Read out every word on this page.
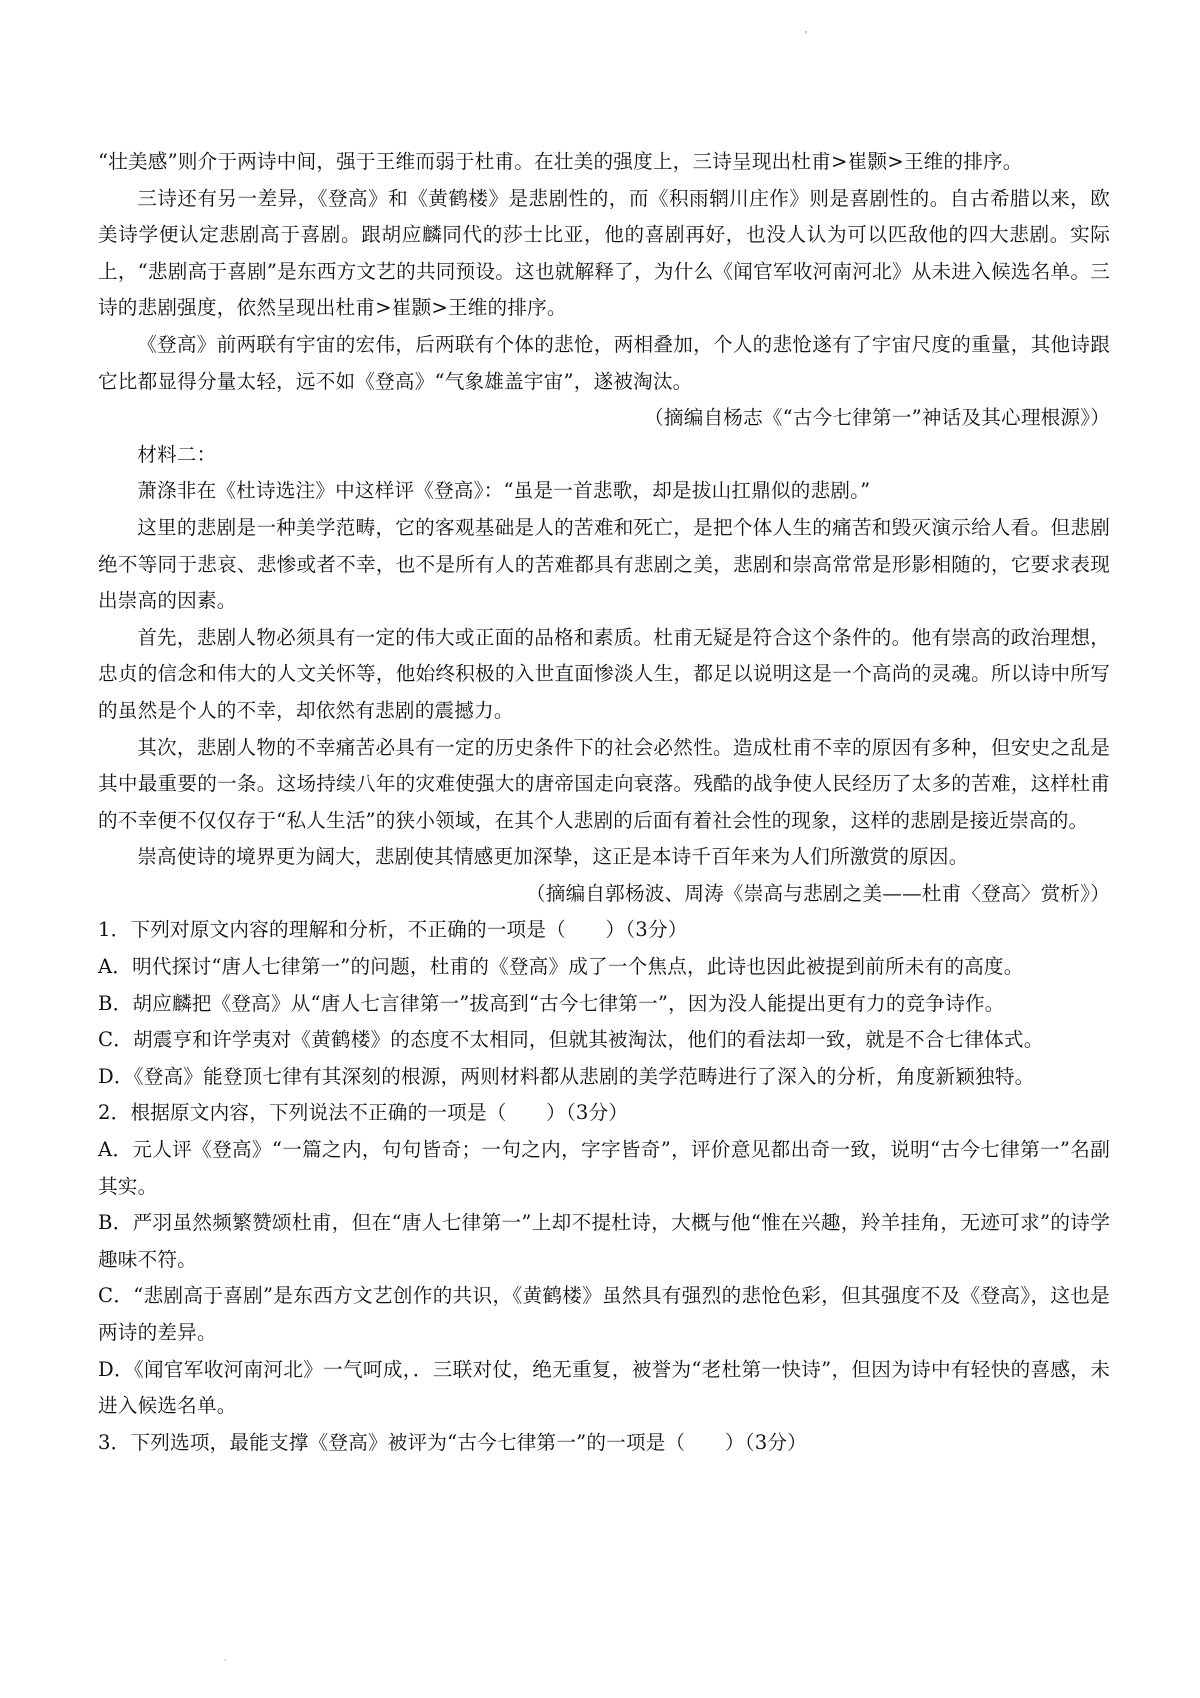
"

“壮美感”则介于两诗中间，强于王维而弱于杜甫。在壮美的强度上，三诗呈现出杜甫>崔颢>王维的排序。

三诗还有另一差异，《登高》和《黄鹤楼》是悲剧性的，而《积雨辋川庄作》则是喜剧性的。自古希腊以来，欧美诗学便认定悲剧高于喜剧。跟胡应麟同代的莎士比亚，他的喜剧再好，也没人认为可以匹敌他的四大悲剧。实际上，“悲剧高于喜剧”是东西方文艺的共同预设。这也就解释了，为什么《闻官军收河南河北》从未进入候选名单。三诗的悲剧强度，依然呈现出杜甫>崔颢>王维的排序。

《登高》前两联有宇宙的宏伟，后两联有个体的悲怆，两相叠加，个人的悲怆遂有了宇宙尺度的重量，其他诗跟它比都显得分量太轻，远不如《登高》“气象雄盖宇宙”，遂被淘汰。

（摘编自杨志《“古今七律第一”神话及其心理根源》）

材料二：

萧涤非在《杜诗选注》中这样评《登高》：“虽是一首悲歌，却是拔山扛鼎似的悲剧。”

这里的悲剧是一种美学范畴，它的客观基础是人的苦难和死亡，是把个体人生的痛苦和毁灭演示给人看。但悲剧绝不等同于悲哀、悲惨或者不幸，也不是所有人的苦难都具有悲剧之美，悲剧和崇高常常是形影相随的，它要求表现出崇高的因素。

首先，悲剧人物必须具有一定的伟大或正面的品格和素质。杜甫无疑是符合这个条件的。他有崇高的政治理想，忠贞的信念和伟大的人文关怀等，他始终积极的入世直面惨淡人生，都足以说明这是一个高尚的灵魂。所以诗中所写的虽然是个人的不幸，却依然有悲剧的震撼力。

其次，悲剧人物的不幸痛苦必具有一定的历史条件下的社会必然性。造成杜甫不幸的原因有多种，但安史之乱是其中最重要的一条。这场持续八年的灾难使强大的唐帝国走向衰落。残酷的战争使人民经历了太多的苦难，这样杜甫的不幸便不仅仅存于“私人生活”的狭小领域，在其个人悲剧的后面有着社会性的现象，这样的悲剧是接近崇高的。

崇高使诗的境界更为阔大，悲剧使其情感更加深挚，这正是本诗千百年来为人们所激赏的原因。

（摘编自郭杨波、周涛《崇高与悲剧之美——杜甫〈登高〉赏析》）

1．下列对原文内容的理解和分析，不正确的一项是（　　）（3分）

A．明代探讨“唐人七律第一”的问题，杜甫的《登高》成了一个焦点，此诗也因此被提到前所未有的高度。

B．胡应麟把《登高》从“唐人七言律第一”拔高到“古今七律第一”，因为没人能提出更有力的竞争诗作。

C．胡震亨和许学夷对《黄鹤楼》的态度不太相同，但就其被淘汰，他们的看法却一致，就是不合七律体式。

D．《登高》能登顶七律有其深刻的根源，两则材料都从悲剧的美学范畴进行了深入的分析，角度新颖独特。

2．根据原文内容，下列说法不正确的一项是（　　）（3分）

A．元人评《登高》“一篇之内，句句皆奇；一句之内，字字皆奇”，评价意见都出奇一致，说明“古今七律第一”名副其实。

B．严羽虽然频繁赞颂杜甫，但在“唐人七律第一”上却不提杜诗，大概与他“惟在兴趣，羚羊挂角，无迹可求”的诗学趣味不符。

C．“悲剧高于喜剧”是东西方文艺创作的共识，《黄鹤楼》虽然具有强烈的悲怆色彩，但其强度不及《登高》，这也是两诗的差异。

D．《闻官军收河南河北》一气呵成，．三联对仗，绝无重复，被誉为“老杜第一快诗”，但因为诗中有轻快的喜感，未进入候选名单。

3．下列选项，最能支撑《登高》被评为“古今七律第一”的一项是（　　）（3分）

'
